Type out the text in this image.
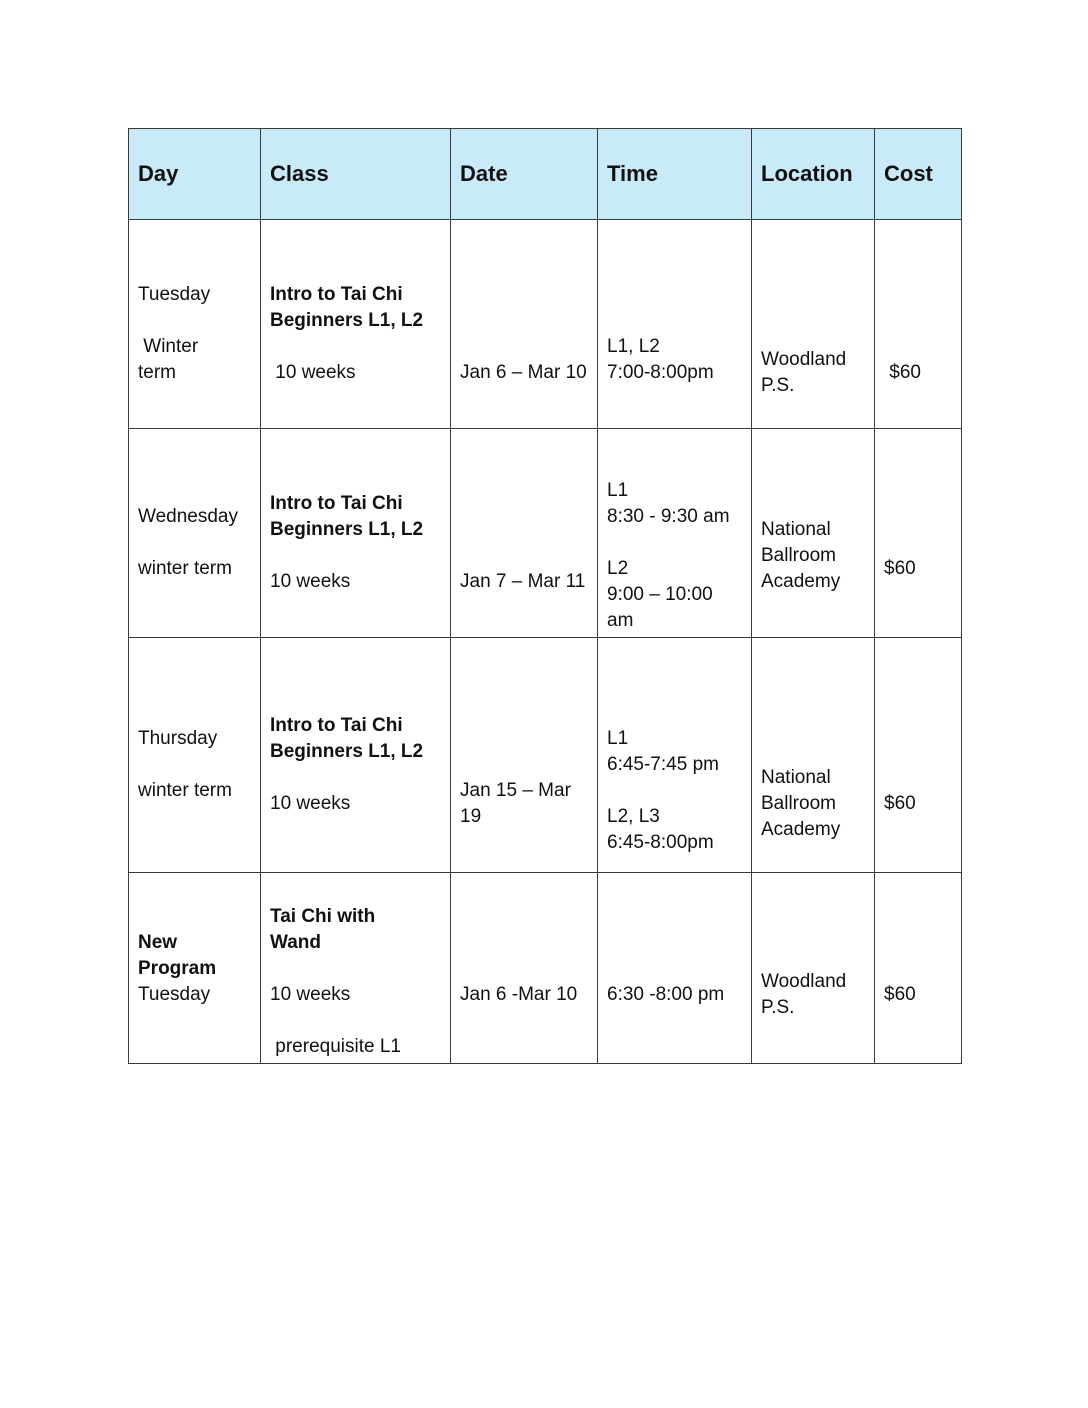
Day	Class	Date	Time	Location	Cost

Tuesday
Winter
term	Intro to Tai Chi
Beginners L1, L2
10 weeks	Jan 6 – Mar 10	L1, L2
7:00-8:00pm	Woodland
P.S.	$60

Wednesday
winter term	Intro to Tai Chi
Beginners L1, L2
10 weeks	Jan 7 – Mar 11	L1
8:30 - 9:30 am
L2
9:00 – 10:00
am	National
Ballroom
Academy	$60

Thursday
winter term	Intro to Tai Chi
Beginners L1, L2
10 weeks	Jan 15 – Mar
19	L1
6:45-7:45 pm
L2, L3
6:45-8:00pm	National
Ballroom
Academy	$60

New
Program
Tuesday	Tai Chi with
Wand
10 weeks
prerequisite L1	Jan 6 -Mar 10	6:30 -8:00 pm	Woodland
P.S.	$60
